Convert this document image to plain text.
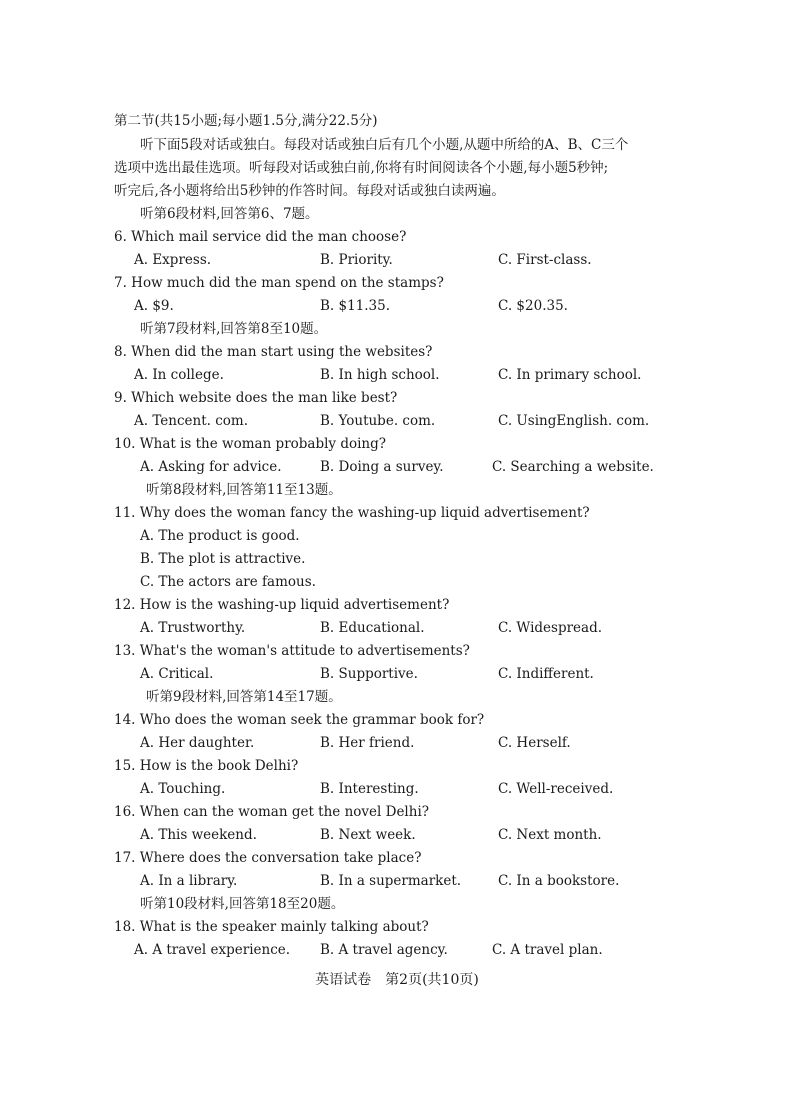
第二节(共15小题;每小题1.5分,满分22.5分)
听下面5段对话或独白。每段对话或独白后有几个小题,从题中所给的A、B、C三个
选项中选出最佳选项。听每段对话或独白前,你将有时间阅读各个小题,每小题5秒钟;
听完后,各小题将给出5秒钟的作答时间。每段对话或独白读两遍。
听第6段材料,回答第6、7题。
6. Which mail service did the man choose?
A. Express.	B. Priority.	C. First-class.
7. How much did the man spend on the stamps?
A. $9.	B. $11.35.	C. $20.35.
听第7段材料,回答第8至10题。
8. When did the man start using the websites?
A. In college.	B. In high school.	C. In primary school.
9. Which website does the man like best?
A. Tencent. com.	B. Youtube. com.	C. UsingEnglish. com.
10. What is the woman probably doing?
A. Asking for advice.	B. Doing a survey.	C. Searching a website.
听第8段材料,回答第11至13题。
11. Why does the woman fancy the washing-up liquid advertisement?
A. The product is good.
B. The plot is attractive.
C. The actors are famous.
12. How is the washing-up liquid advertisement?
A. Trustworthy.	B. Educational.	C. Widespread.
13. What's the woman's attitude to advertisements?
A. Critical.	B. Supportive.	C. Indifferent.
听第9段材料,回答第14至17题。
14. Who does the woman seek the grammar book for?
A. Her daughter.	B. Her friend.	C. Herself.
15. How is the book Delhi?
A. Touching.	B. Interesting.	C. Well-received.
16. When can the woman get the novel Delhi?
A. This weekend.	B. Next week.	C. Next month.
17. Where does the conversation take place?
A. In a library.	B. In a supermarket.	C. In a bookstore.
听第10段材料,回答第18至20题。
18. What is the speaker mainly talking about?
A. A travel experience. B. A travel agency.	C. A travel plan.
英语试卷　第2页(共10页)
